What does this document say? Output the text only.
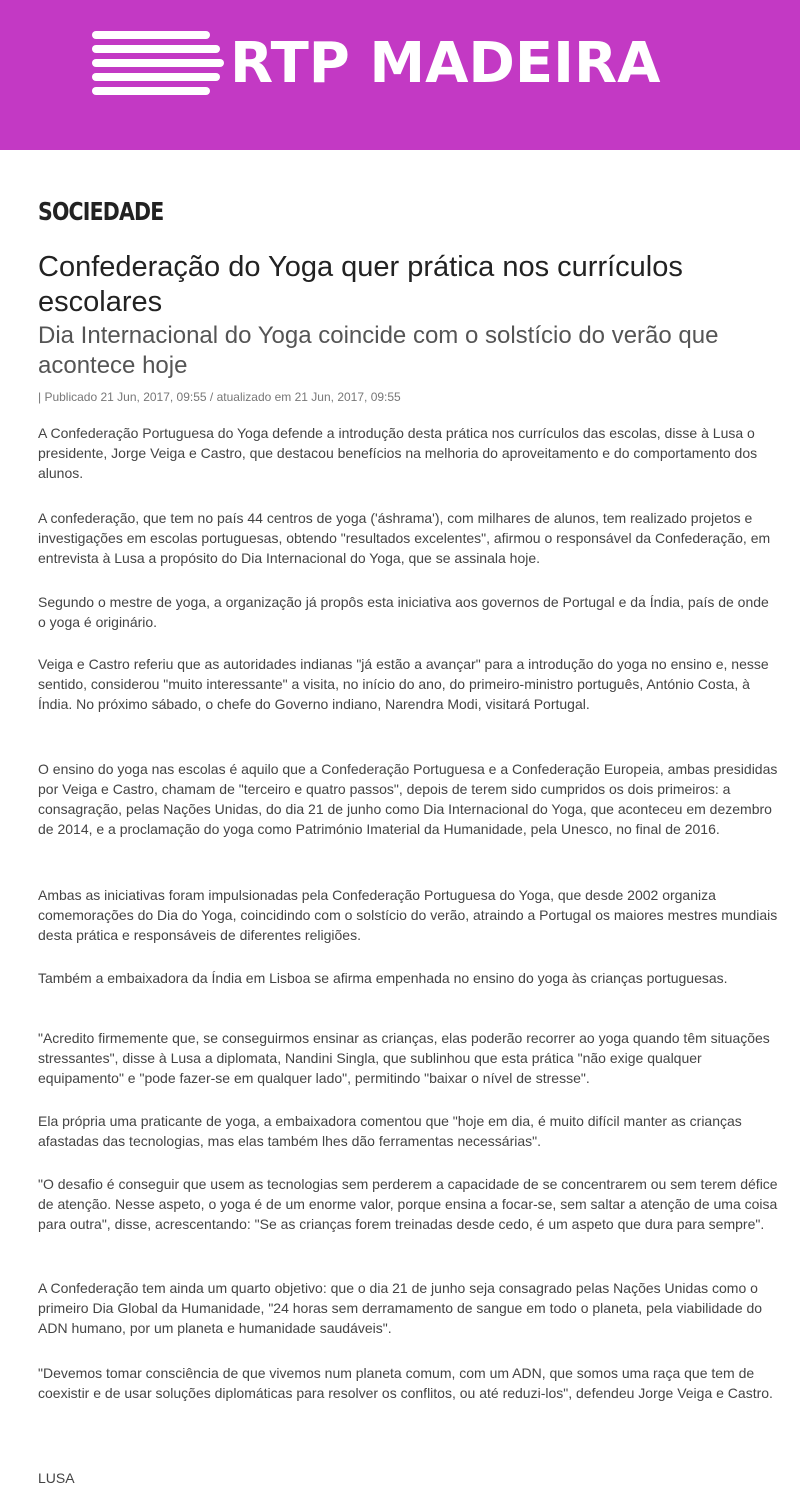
RTP MADEIRA
SOCIEDADE
Confederação do Yoga quer prática nos currículos escolares
Dia Internacional do Yoga coincide com o solstício do verão que acontece hoje
| Publicado 21 Jun, 2017, 09:55 / atualizado em 21 Jun, 2017, 09:55

A Confederação Portuguesa do Yoga defende a introdução desta prática nos currículos das escolas, disse à Lusa o presidente, Jorge Veiga e Castro, que destacou benefícios na melhoria do aproveitamento e do comportamento dos alunos.

A confederação, que tem no país 44 centros de yoga ('áshrama'), com milhares de alunos, tem realizado projetos e investigações em escolas portuguesas, obtendo "resultados excelentes", afirmou o responsável da Confederação, em entrevista à Lusa a propósito do Dia Internacional do Yoga, que se assinala hoje.

Segundo o mestre de yoga, a organização já propôs esta iniciativa aos governos de Portugal e da Índia, país de onde o yoga é originário.

Veiga e Castro referiu que as autoridades indianas "já estão a avançar" para a introdução do yoga no ensino e, nesse sentido, considerou "muito interessante" a visita, no início do ano, do primeiro-ministro português, António Costa, à Índia. No próximo sábado, o chefe do Governo indiano, Narendra Modi, visitará Portugal.

O ensino do yoga nas escolas é aquilo que a Confederação Portuguesa e a Confederação Europeia, ambas presididas por Veiga e Castro, chamam de "terceiro e quatro passos", depois de terem sido cumpridos os dois primeiros: a consagração, pelas Nações Unidas, do dia 21 de junho como Dia Internacional do Yoga, que aconteceu em dezembro de 2014, e a proclamação do yoga como Património Imaterial da Humanidade, pela Unesco, no final de 2016.

Ambas as iniciativas foram impulsionadas pela Confederação Portuguesa do Yoga, que desde 2002 organiza comemorações do Dia do Yoga, coincidindo com o solstício do verão, atraindo a Portugal os maiores mestres mundiais desta prática e responsáveis de diferentes religiões.

Também a embaixadora da Índia em Lisboa se afirma empenhada no ensino do yoga às crianças portuguesas.

"Acredito firmemente que, se conseguirmos ensinar as crianças, elas poderão recorrer ao yoga quando têm situações stressantes", disse à Lusa a diplomata, Nandini Singla, que sublinhou que esta prática "não exige qualquer equipamento" e "pode fazer-se em qualquer lado", permitindo "baixar o nível de stresse".

Ela própria uma praticante de yoga, a embaixadora comentou que "hoje em dia, é muito difícil manter as crianças afastadas das tecnologias, mas elas também lhes dão ferramentas necessárias".

"O desafio é conseguir que usem as tecnologias sem perderem a capacidade de se concentrarem ou sem terem défice de atenção. Nesse aspeto, o yoga é de um enorme valor, porque ensina a focar-se, sem saltar a atenção de uma coisa para outra", disse, acrescentando: "Se as crianças forem treinadas desde cedo, é um aspeto que dura para sempre".

A Confederação tem ainda um quarto objetivo: que o dia 21 de junho seja consagrado pelas Nações Unidas como o primeiro Dia Global da Humanidade, "24 horas sem derramamento de sangue em todo o planeta, pela viabilidade do ADN humano, por um planeta e humanidade saudáveis".

"Devemos tomar consciência de que vivemos num planeta comum, com um ADN, que somos uma raça que tem de coexistir e de usar soluções diplomáticas para resolver os conflitos, ou até reduzi-los", defendeu Jorge Veiga e Castro.

LUSA
